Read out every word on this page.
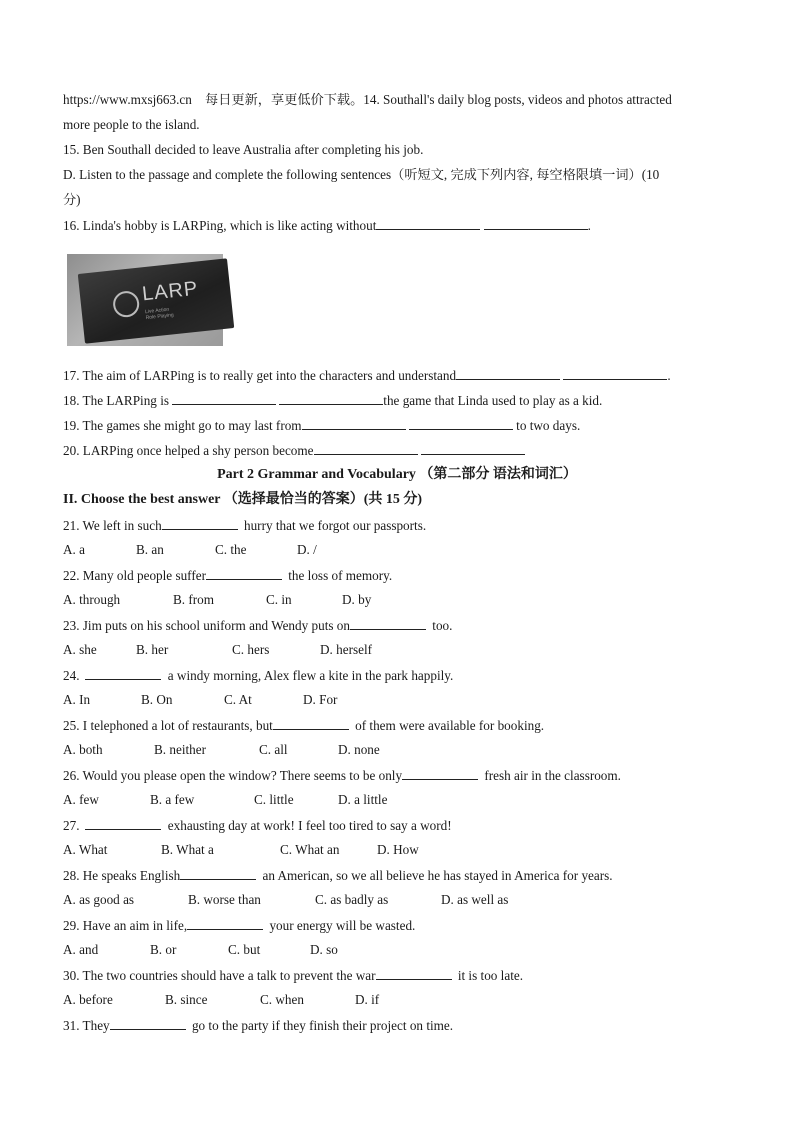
https://www.mxsj663.cn　每日更新，享更低价下载。14. Southall's daily blog posts, videos and photos attracted
more people to the island.
15. Ben Southall decided to leave Australia after completing his job.
D. Listen to the passage and complete the following sentences（听短文, 完成下列内容, 每空格限填一词）(10
分)
16. Linda's hobby is LARPing, which is like acting without	.
LARP
Live Action
Role Playing
17. The aim of LARPing is to really get into the characters and understand	.
18. The LARPing is	the game that Linda used to play as a kid.
19. The games she might go to may last from	to two days.
20. LARPing once helped a shy person become
Part 2 Grammar and Vocabulary （第二部分 语法和词汇）
II. Choose the best answer （选择最恰当的答案）(共 15 分)
21. We left in such	hurry that we forgot our passports.
A. a	B. an	C. the	D. /
22. Many old people suffer	the loss of memory.
A. through	B. from	C. in	D. by
23. Jim puts on his school uniform and Wendy puts on	too.
A. she	B. her	C. hers	D. herself
24.	a windy morning, Alex flew a kite in the park happily.
A. In	B. On	C. At	D. For
25. I telephoned a lot of restaurants, but	of them were available for booking.
A. both	B. neither	C. all	D. none
26. Would you please open the window? There seems to be only	fresh air in the classroom.
A. few	B. a few	C. little	D. a little
27.	exhausting day at work! I feel too tired to say a word!
A. What	B. What a	C. What an	D. How
28. He speaks English	an American, so we all believe he has stayed in America for years.
A. as good as	B. worse than	C. as badly as	D. as well as
29. Have an aim in life,	your energy will be wasted.
A. and	B. or	C. but	D. so
30. The two countries should have a talk to prevent the war	it is too late.
A. before	B. since	C. when	D. if
31. They	go to the party if they finish their project on time.
